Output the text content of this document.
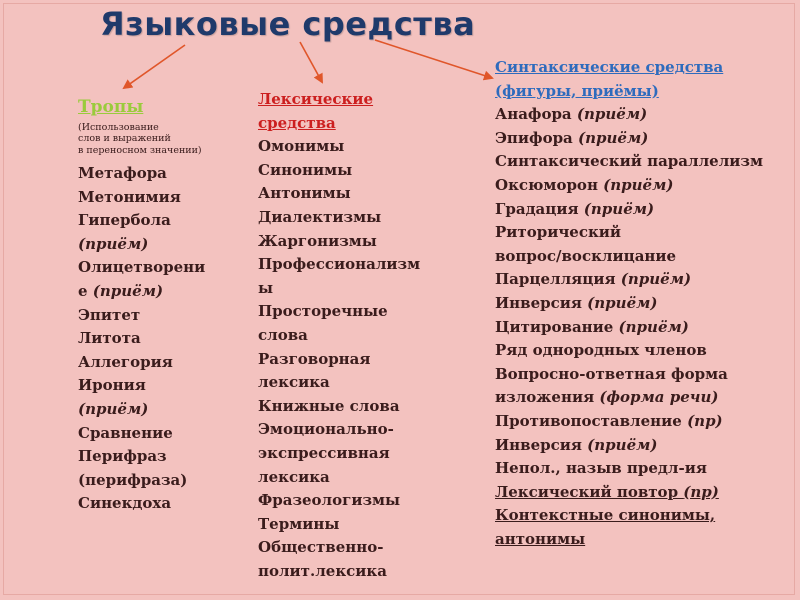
Языковые средства
Тропы
(Использование
слов и выражений
в переносном значении)
Метафора
Метонимия
Гипербола
(приём)
Олицетворени
е (приём)
Эпитет
Литота
Аллегория
Ирония
(приём)
Сравнение
Перифраз
(перифраза)
Синекдоха
Лексические
средства
Омонимы
Синонимы
Антонимы
Диалектизмы
Жаргонизмы
Профессионализм
ы
Просторечные
слова
Разговорная
лексика
Книжные слова
Эмоционально-
экспрессивная
лексика
Фразеологизмы
Термины
Общественно-
полит.лексика
Синтаксические средства
(фигуры, приёмы)
Анафора (приём)
Эпифора (приём)
Синтаксический параллелизм
Оксюморон (приём)
Градация (приём)
Риторический
вопрос/восклицание
Парцелляция (приём)
Инверсия (приём)
Цитирование (приём)
Ряд однородных членов
Вопросно-ответная форма
изложения (форма речи)
Противопоставление (пр)
Инверсия (приём)
Непол., назыв предл-ия
Лексический повтор (пр)
Контекстные синонимы,
антонимы
